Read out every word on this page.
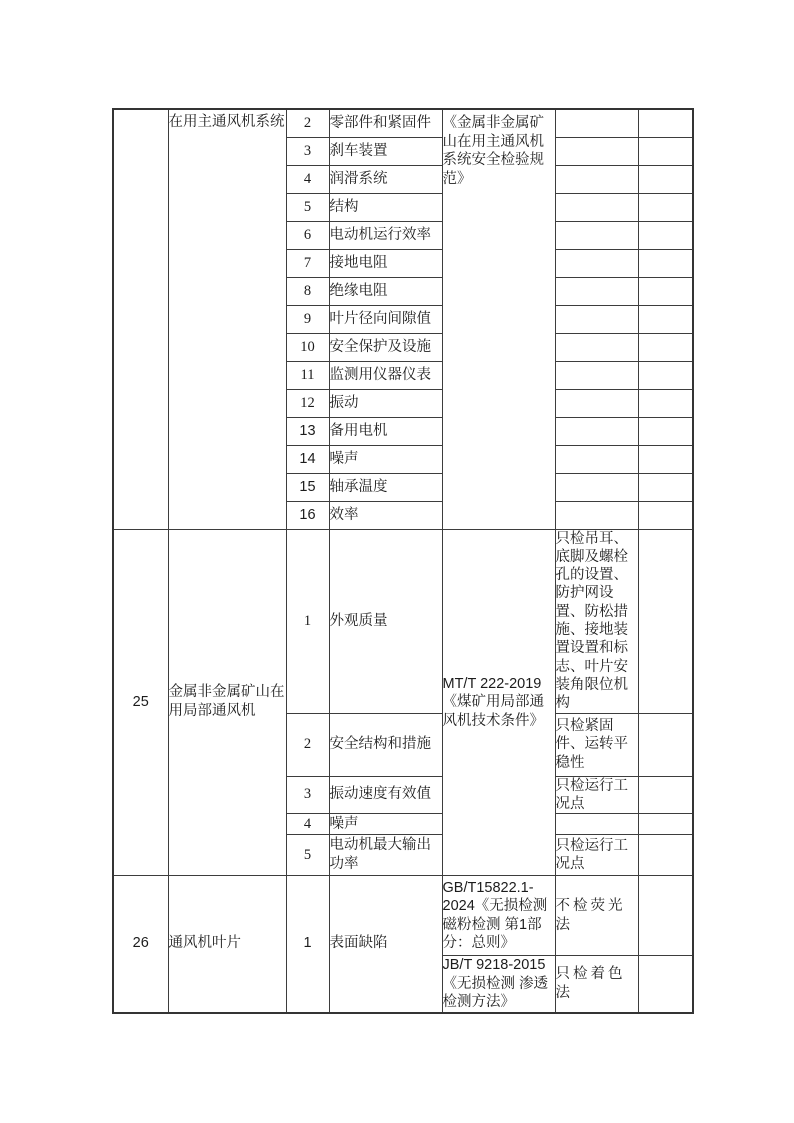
	在用主通风机系统	2	零部件和紧固件	《金属非金属矿山在用主通风机系统安全检验规范》		
		3	刹车装置			
		4	润滑系统			
		5	结构			
		6	电动机运行效率			
		7	接地电阻			
		8	绝缘电阻			
		9	叶片径向间隙值			
		10	安全保护及设施			
		11	监测用仪器仪表			
		12	振动			
		13	备用电机			
		14	噪声			
		15	轴承温度			
		16	效率			
25	金属非金属矿山在用局部通风机	1	外观质量	MT/T 222-2019《煤矿用局部通风机技术条件》	只检吊耳、底脚及螺栓孔的设置、防护网设置、防松措施、接地装置设置和标志、叶片安装角限位机构	
		2	安全结构和措施		只检紧固件、运转平稳性	
		3	振动速度有效值		只检运行工况点	
		4	噪声			
		5	电动机最大输出功率		只检运行工况点	
26	通风机叶片	1	表面缺陷	GB/T15822.1-2024《无损检测 磁粉检测 第1部分：总则》	不检荧光法	
				JB/T 9218-2015《无损检测 渗透检测方法》	只检着色法	
